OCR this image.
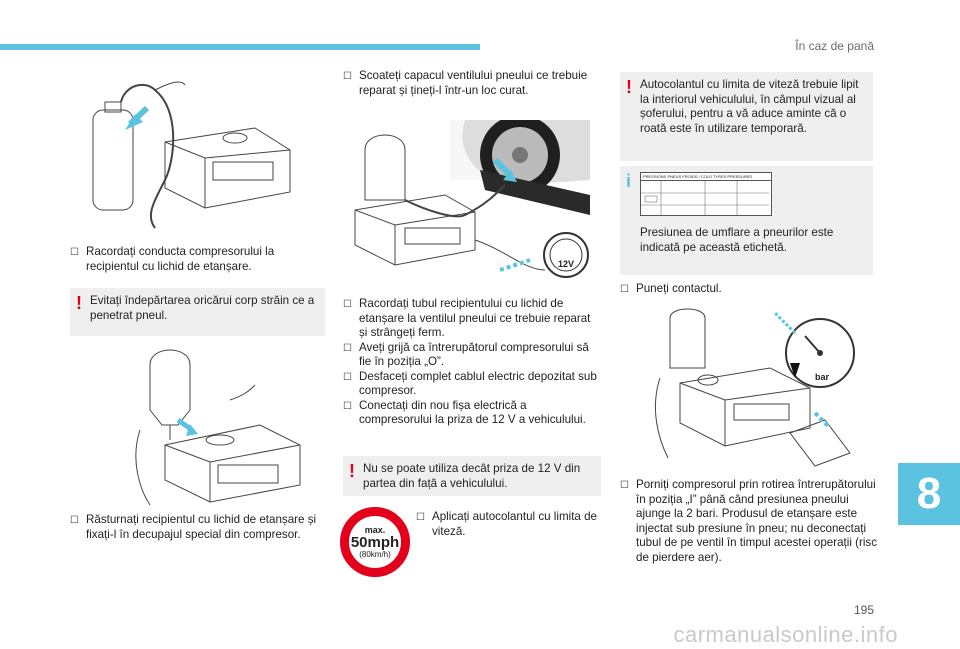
În caz de pană
☐ Racordați conducta compresorului la recipientul cu lichid de etanșare.
! Evitați îndepărtarea oricărui corp străin ce a penetrat pneul.
☐ Răsturnați recipientul cu lichid de etanșare și fixați-l în decupajul special din compresor.
☐ Scoateți capacul ventilului pneului ce trebuie reparat și țineți-l într-un loc curat.
12V
☐ Racordați tubul recipientului cu lichid de etanșare la ventilul pneului ce trebuie reparat și strângeți ferm.
☐ Aveți grijă ca întrerupătorul compresorului să fie în poziția „O”.
☐ Desfaceți complet cablul electric depozitat sub compresor.
☐ Conectați din nou fișa electrică a compresorului la priza de 12 V a vehiculului.
! Nu se poate utiliza decât priza de 12 V din partea din față a vehiculului.
max.
50mph
(80km/h)
☐ Aplicați autocolantul cu limita de viteză.
! Autocolantul cu limita de viteză trebuie lipit la interiorul vehiculului, în câmpul vizual al șoferului, pentru a vă aduce aminte că o roată este în utilizare temporară.
i	PRESSIONS PNEUS FROIDS / COLD TYRES PRESSURES
Presiunea de umflare a pneurilor este indicată pe această etichetă.
☐ Puneți contactul.
bar
☐ Porniți compresorul prin rotirea întrerupătorului în poziția „I” până când presiunea pneului ajunge la 2 bari. Produsul de etanșare este injectat sub presiune în pneu; nu deconectați tubul de pe ventil în timpul acestei operații (risc de pierdere aer).
8
195
carmanualsonline.info
